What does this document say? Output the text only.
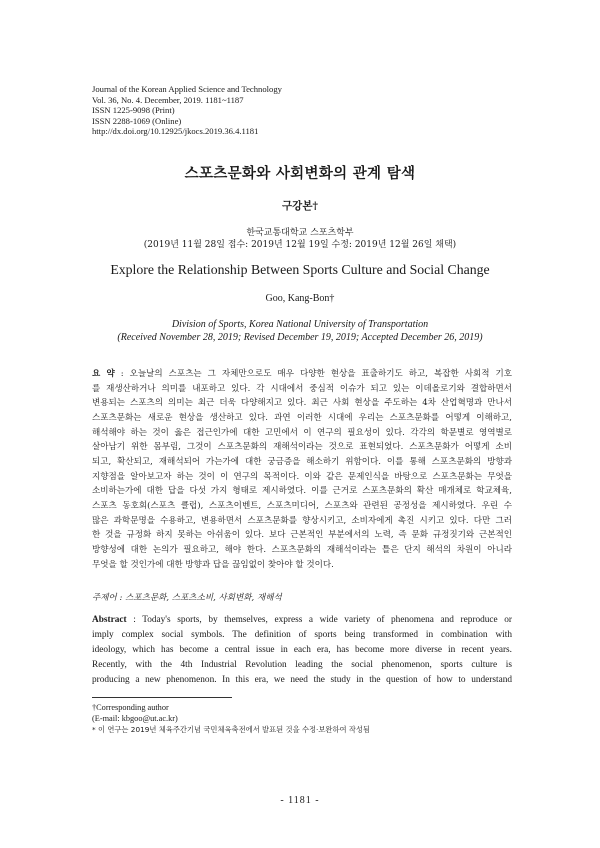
Journal of the Korean Applied Science and Technology
Vol. 36, No. 4. December, 2019. 1181~1187
ISSN 1225-9098 (Print)
ISSN 2288-1069 (Online)
http://dx.doi.org/10.12925/jkocs.2019.36.4.1181
스포츠문화와 사회변화의 관계 탐색
구강본†
한국교통대학교 스포츠학부
(2019년 11월 28일 접수: 2019년 12월 19일 수정: 2019년 12월 26일 채택)
Explore the Relationship Between Sports Culture and Social Change
Goo, Kang-Bon†
Division of Sports, Korea National University of Transportation
(Received November 28, 2019; Revised December 19, 2019; Accepted December 26, 2019)
요 약 : 오늘날의 스포츠는 그 자체만으로도 매우 다양한 현상을 표출하기도 하고, 복잡한 사회적 기호
를 재생산하거나 의미를 내포하고 있다. 각 시대에서 중심적 이슈가 되고 있는 이데올로기와 결합하면서
변용되는 스포츠의 의미는 최근 더욱 다양해지고 있다. 최근 사회 현상을 주도하는 4차 산업혁명과 만나서
스포츠문화는 새로운 현상을 생산하고 있다. 과연 이러한 시대에 우리는 스포츠문화를 어떻게 이해하고,
해석해야 하는 것이 옳은 접근인가에 대한 고민에서 이 연구의 필요성이 있다. 각각의 학문별로 영역별로
살아남기 위한 몸부림, 그것이 스포츠문화의 재해석이라는 것으로 표현되었다. 스포츠문화가 어떻게 소비
되고, 확산되고, 재해석되어 가는가에 대한 궁금증을 해소하기 위함이다. 이를 통해 스포츠문화의 방향과
지향점을 알아보고자 하는 것이 이 연구의 목적이다. 이와 같은 문제인식을 바탕으로 스포츠문화는 무엇을
소비하는가에 대한 답을 다섯 가지 형태로 제시하였다. 이를 근거로 스포츠문화의 확산 매개체로 학교체육,
스포츠 동호회(스포츠 클럽), 스포츠이벤트, 스포츠미디어, 스포츠와 관련된 공정성을 제시하였다. 우린 수
많은 과학문명을 수용하고, 변용하면서 스포츠문화를 향상시키고, 소비자에게 촉진 시키고 있다. 다만 그러
한 것을 규정화 하지 못하는 아쉬움이 있다. 보다 근본적인 부분에서의 노력, 즉 문화 규정짓기와 근본적인
방향성에 대한 논의가 필요하고, 해야 한다. 스포츠문화의 재해석이라는 틀은 단지 해석의 차원이 아니라
무엇을 할 것인가에 대한 방향과 답을 끊임없이 찾아야 할 것이다.
주제어 : 스포츠문화, 스포츠소비, 사회변화, 재해석
Abstract : Today's sports, by themselves, express a wide variety of phenomena and reproduce or
imply complex social symbols. The definition of sports being transformed in combination with
ideology, which has become a central issue in each era, has become more diverse in recent years.
Recently, with the 4th Industrial Revolution leading the social phenomenon, sports culture is
producing a new phenomenon. In this era, we need the study in the question of how to understand
†Corresponding author
(E-mail: kbgoo@ut.ac.kr)
* 이 연구는 2019년 체육주간기념 국민체육축전에서 발표된 것을 수정·보완하여 작성됨
- 1181 -
